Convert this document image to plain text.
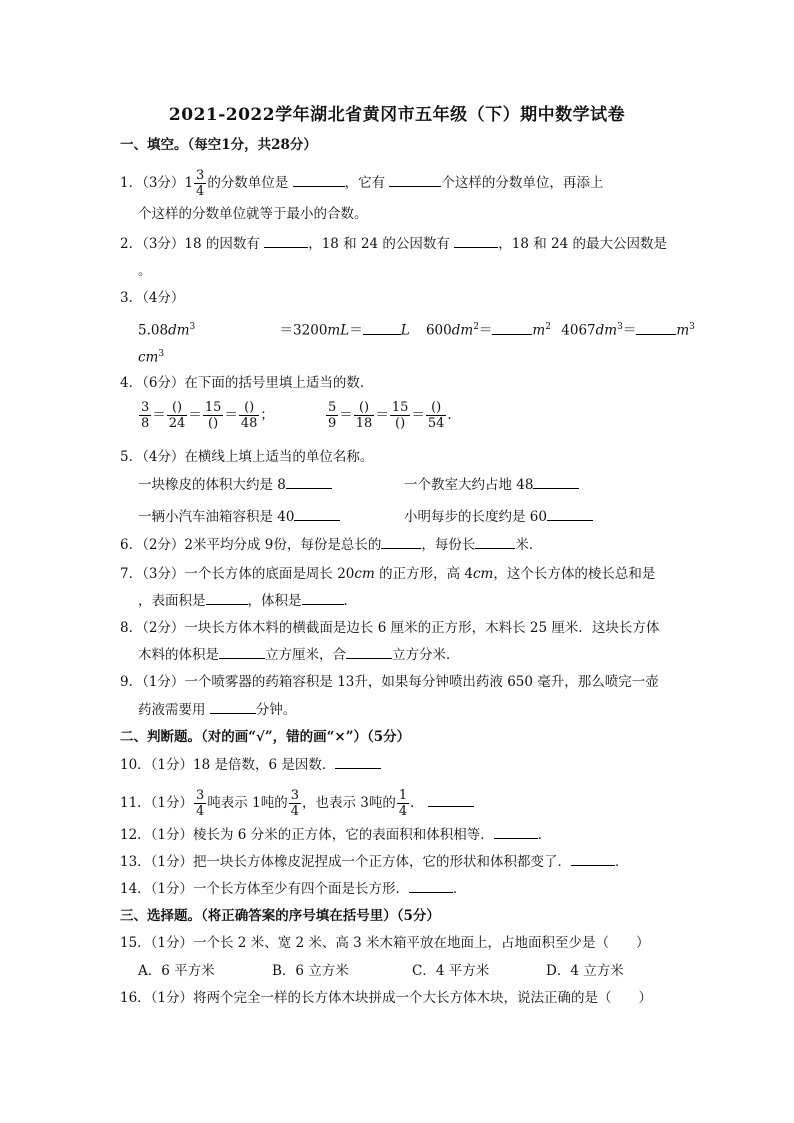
2021-2022学年湖北省黄冈市五年级（下）期中数学试卷
一、填空。（每空1分，共28分）
1．（3分）$1 \frac{3}{4}$ 的分数单位是	，它有	个这样的分数单位，再添上
个这样的分数单位就等于最小的合数。
2．（3分）18 的因数有	，18 和 24 的公因数有	，18 和 24 的最大公因数是
。
3．（4分）
$5.08dm^3$	＝3200mL＝	L $600dm^2=$	$m^2$ $4067dm^3=$	$m^3$
$cm^3$
4．（6分）在下面的括号里填上适当的数．
$\frac{3}{8} = \frac{()}{24} = \frac{15}{()} = \frac{()}{48}$ ；	$\frac{5}{9} = \frac{()}{18} = \frac{15}{()} = \frac{()}{54}$ .
5．（4分）在横线上填上适当的单位名称。
一块橡皮的体积大约是 8	一个教室大约占地 48
一辆小汽车油箱容积是 40	小明每步的长度约是 60
6．（2分）2米平均分成 9份，每份是总长的	，每份长	米．
7．（3分）一个长方体的底面是周长 20cm 的正方形，高 4cm，这个长方体的棱长总和是
，表面积是	，体积是	．
8．（2分）一块长方体木料的横截面是边长 6 厘米的正方形，木料长 25 厘米．这块长方体
木料的体积是	立方厘米，合	立方分米．
9．（1分）一个喷雾器的药箱容积是 13升，如果每分钟喷出药液 650 毫升，那么喷完一壶
药液需要用	分钟。
二、判断题。（对的画“√”，错的画“×”）（5分）
10．（1分）18 是倍数，6 是因数．
11．（1分） $\frac{3}{4}$ 吨表示 1吨的 $\frac{3}{4}$ ，也表示 3吨的 $\frac{1}{4}$ ．
12．（1分）棱长为 6 分米的正方体，它的表面积和体积相等．	．
13．（1分）把一块长方体橡皮泥捏成一个正方体，它的形状和体积都变了．	．
14．（1分）一个长方体至少有四个面是长方形．	．
三、选择题。（将正确答案的序号填在括号里）（5分）
15．（1分）一个长 2 米、宽 2 米、高 3 米木箱平放在地面上，占地面积至少是（　　）
A．6 平方米	B．6 立方米	C．4 平方米	D．4 立方米
16．（1分）将两个完全一样的长方体木块拼成一个大长方体木块，说法正确的是（　　）
